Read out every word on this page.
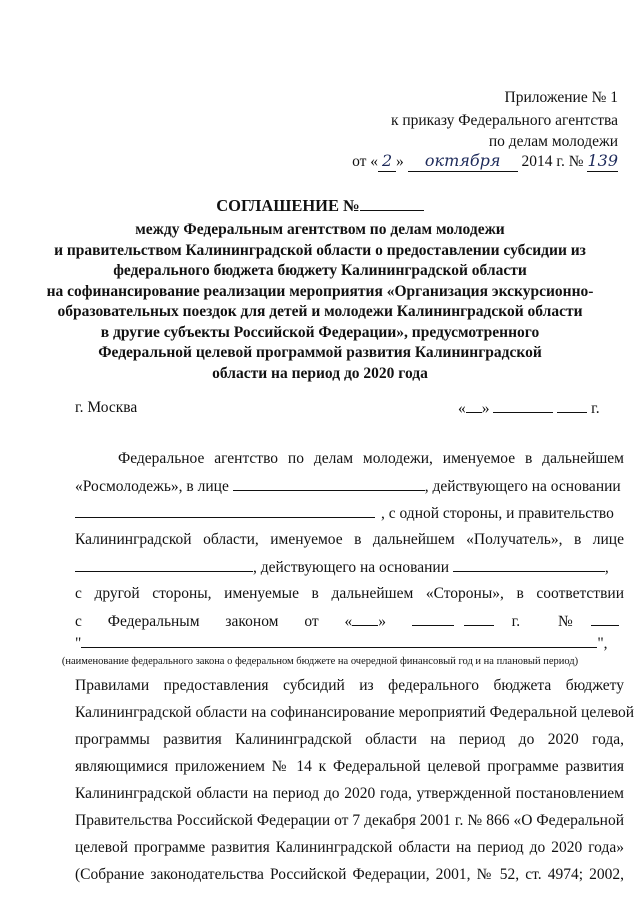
Приложение № 1
к приказу Федерального агентства
по делам молодежи
от « 2 » октября 2014 г. № 139
СОГЛАШЕНИЕ №
между Федеральным агентством по делам молодежи
и правительством Калининградской области о предоставлении субсидии из
федерального бюджета бюджету Калининградской области
на софинансирование реализации мероприятия «Организация экскурсионно-
образовательных поездок для детей и молодежи Калининградской области
в другие субъекты Российской Федерации», предусмотренного
Федеральной целевой программой развития Калининградской
области на период до 2020 года
г. Москва	« »	г.
Федеральное агентство по делам молодежи, именуемое в дальнейшем
«Росмолодежь», в лице	, действующего на основании
, с одной стороны, и правительство
Калининградской области, именуемое в дальнейшем «Получатель», в лице
, действующего на основании	,
с другой стороны, именуемые в дальнейшем «Стороны», в соответствии
с Федеральным законом от « »	г. №
"	",
(наименование федерального закона о федеральном бюджете на очередной финансовый год и на плановый период)
Правилами предоставления субсидий из федерального бюджета бюджету
Калининградской области на софинансирование мероприятий Федеральной целевой
программы развития Калининградской области на период до 2020 года,
являющимися приложением № 14 к Федеральной целевой программе развития
Калининградской области на период до 2020 года, утвержденной постановлением
Правительства Российской Федерации от 7 декабря 2001 г. № 866 «О Федеральной
целевой программе развития Калининградской области на период до 2020 года»
(Собрание законодательства Российской Федерации, 2001, № 52, ст. 4974; 2002,
